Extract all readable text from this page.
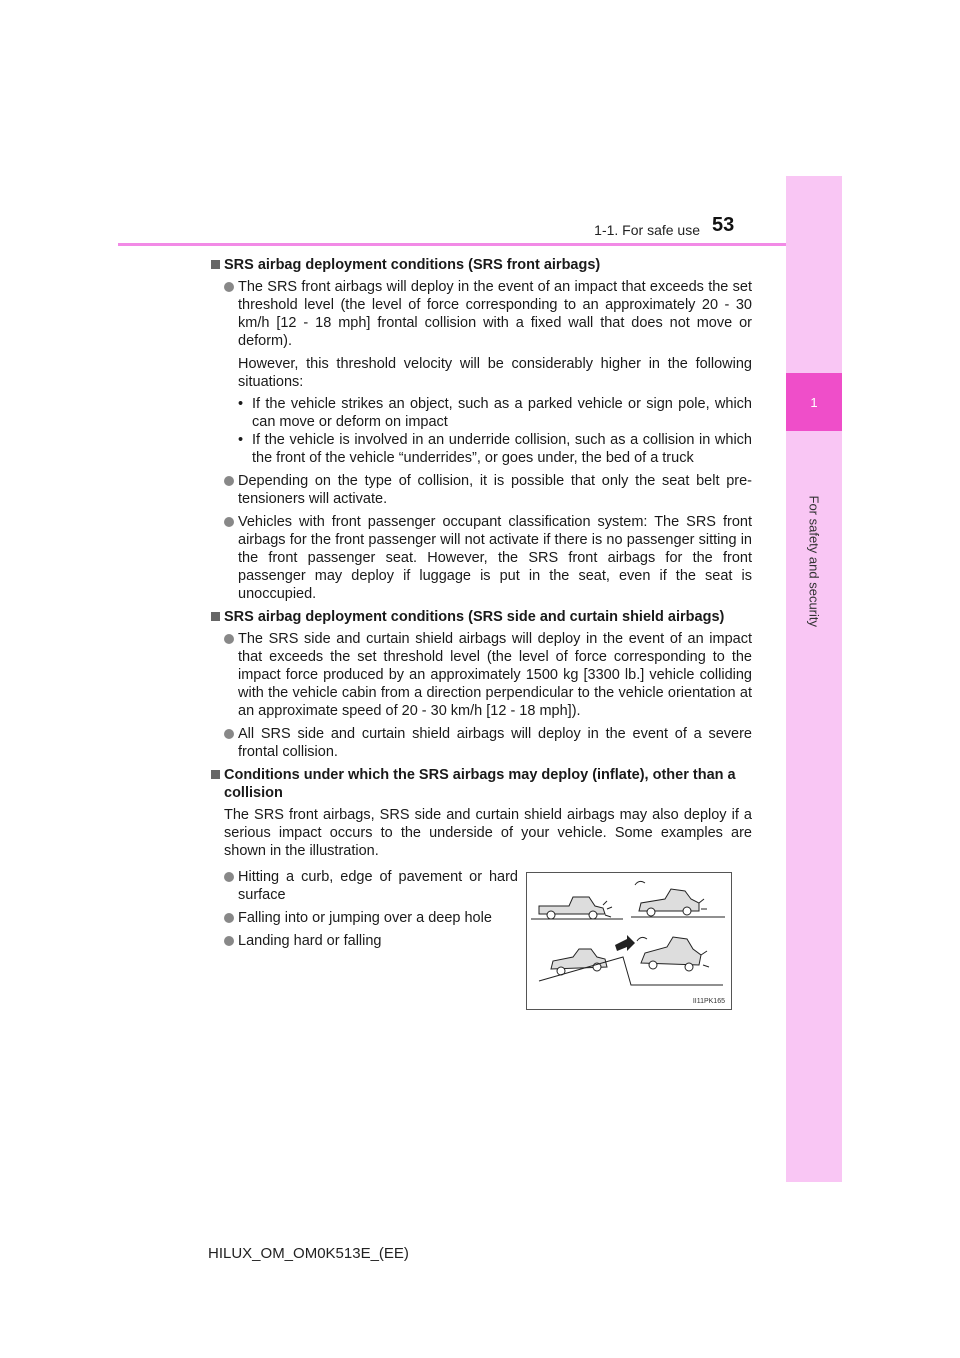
1
For safety and security
1-1. For safe use 53
SRS airbag deployment conditions (SRS front airbags)
The SRS front airbags will deploy in the event of an impact that exceeds the set threshold level (the level of force corresponding to an approximately 20 - 30 km/h [12 - 18 mph] frontal collision with a fixed wall that does not move or deform).
However, this threshold velocity will be considerably higher in the following situations:
• If the vehicle strikes an object, such as a parked vehicle or sign pole, which can move or deform on impact
• If the vehicle is involved in an underride collision, such as a collision in which the front of the vehicle “underrides”, or goes under, the bed of a truck
Depending on the type of collision, it is possible that only the seat belt pre-tensioners will activate.
Vehicles with front passenger occupant classification system: The SRS front airbags for the front passenger will not activate if there is no passenger sitting in the front passenger seat. However, the SRS front airbags for the front passenger may deploy if luggage is put in the seat, even if the seat is unoccupied.
SRS airbag deployment conditions (SRS side and curtain shield airbags)
The SRS side and curtain shield airbags will deploy in the event of an impact that exceeds the set threshold level (the level of force corresponding to the impact force produced by an approximately 1500 kg [3300 lb.] vehicle colliding with the vehicle cabin from a direction perpendicular to the vehicle orientation at an approximate speed of 20 - 30 km/h [12 - 18 mph]).
All SRS side and curtain shield airbags will deploy in the event of a severe frontal collision.
Conditions under which the SRS airbags may deploy (inflate), other than a collision
The SRS front airbags, SRS side and curtain shield airbags may also deploy if a serious impact occurs to the underside of your vehicle. Some examples are shown in the illustration.
Hitting a curb, edge of pavement or hard surface
Falling into or jumping over a deep hole
Landing hard or falling
II11PK165
HILUX_OM_OM0K513E_(EE)
